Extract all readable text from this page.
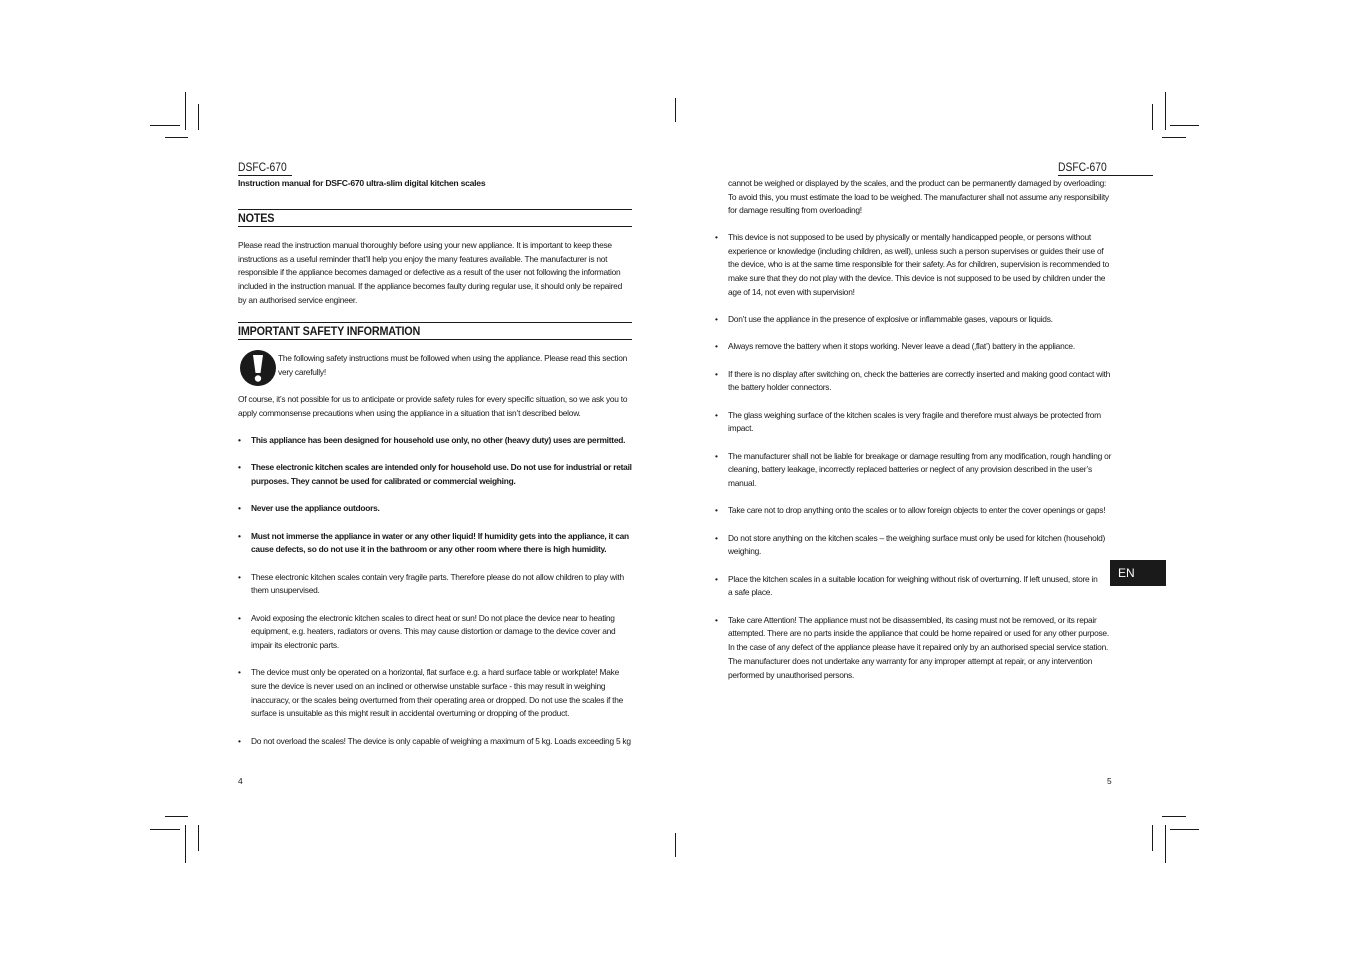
DSFC-670
Instruction manual for DSFC-670 ultra-slim digital kitchen scales
NOTES
Please read the instruction manual thoroughly before using your new appliance. It is important to keep these instructions as a useful reminder that’ll help you enjoy the many features available. The manufacturer is not responsible if the appliance becomes damaged or defective as a result of the user not following the information included in the instruction manual. If the appliance becomes faulty during regular use, it should only be repaired by an authorised service engineer.
IMPORTANT SAFETY INFORMATION
The following safety instructions must be followed when using the appliance. Please read this section very carefully!
Of course, it’s not possible for us to anticipate or provide safety rules for every specific situation, so we ask you to apply commonsense precautions when using the appliance in a situation that isn’t described below.
• This appliance has been designed for household use only, no other (heavy duty) uses are permitted.
• These electronic kitchen scales are intended only for household use. Do not use for industrial or retail purposes. They cannot be used for calibrated or commercial weighing.
• Never use the appliance outdoors.
• Must not immerse the appliance in water or any other liquid! If humidity gets into the appliance, it can cause defects, so do not use it in the bathroom or any other room where there is high humidity.
• These electronic kitchen scales contain very fragile parts. Therefore please do not allow children to play with them unsupervised.
• Avoid exposing the electronic kitchen scales to direct heat or sun! Do not place the device near to heating equipment, e.g. heaters, radiators or ovens. This may cause distortion or damage to the device cover and impair its electronic parts.
• The device must only be operated on a horizontal, flat surface e.g. a hard surface table or workplate! Make sure the device is never used on an inclined or otherwise unstable surface - this may result in weighing inaccuracy, or the scales being overturned from their operating area or dropped. Do not use the scales if the surface is unsuitable as this might result in accidental overturning or dropping of the product.
• Do not overload the scales! The device is only capable of weighing a maximum of 5 kg. Loads exceeding 5 kg
4
DSFC-670
cannot be weighed or displayed by the scales, and the product can be permanently damaged by overloading: To avoid this, you must estimate the load to be weighed. The manufacturer shall not assume any responsibility for damage resulting from overloading!
• This device is not supposed to be used by physically or mentally handicapped people, or persons without experience or knowledge (including children, as well), unless such a person supervises or guides their use of the device, who is at the same time responsible for their safety. As for children, supervision is recommended to make sure that they do not play with the device. This device is not supposed to be used by children under the age of 14, not even with supervision!
• Don’t use the appliance in the presence of explosive or inflammable gases, vapours or liquids.
• Always remove the battery when it stops working. Never leave a dead (‚flat’) battery in the appliance.
• If there is no display after switching on, check the batteries are correctly inserted and making good contact with the battery holder connectors.
• The glass weighing surface of the kitchen scales is very fragile and therefore must always be protected from impact.
• The manufacturer shall not be liable for breakage or damage resulting from any modification, rough handling or cleaning, battery leakage, incorrectly replaced batteries or neglect of any provision described in the user’s manual.
• Take care not to drop anything onto the scales or to allow foreign objects to enter the cover openings or gaps!
• Do not store anything on the kitchen scales – the weighing surface must only be used for kitchen (household) weighing.
• Place the kitchen scales in a suitable location for weighing without risk of overturning. If left unused, store in a safe place.
• Take care Attention! The appliance must not be disassembled, its casing must not be removed, or its repair attempted. There are no parts inside the appliance that could be home repaired or used for any other purpose. In the case of any defect of the appliance please have it repaired only by an authorised special service station. The manufacturer does not undertake any warranty for any improper attempt at repair, or any intervention performed by unauthorised persons.
EN
5
